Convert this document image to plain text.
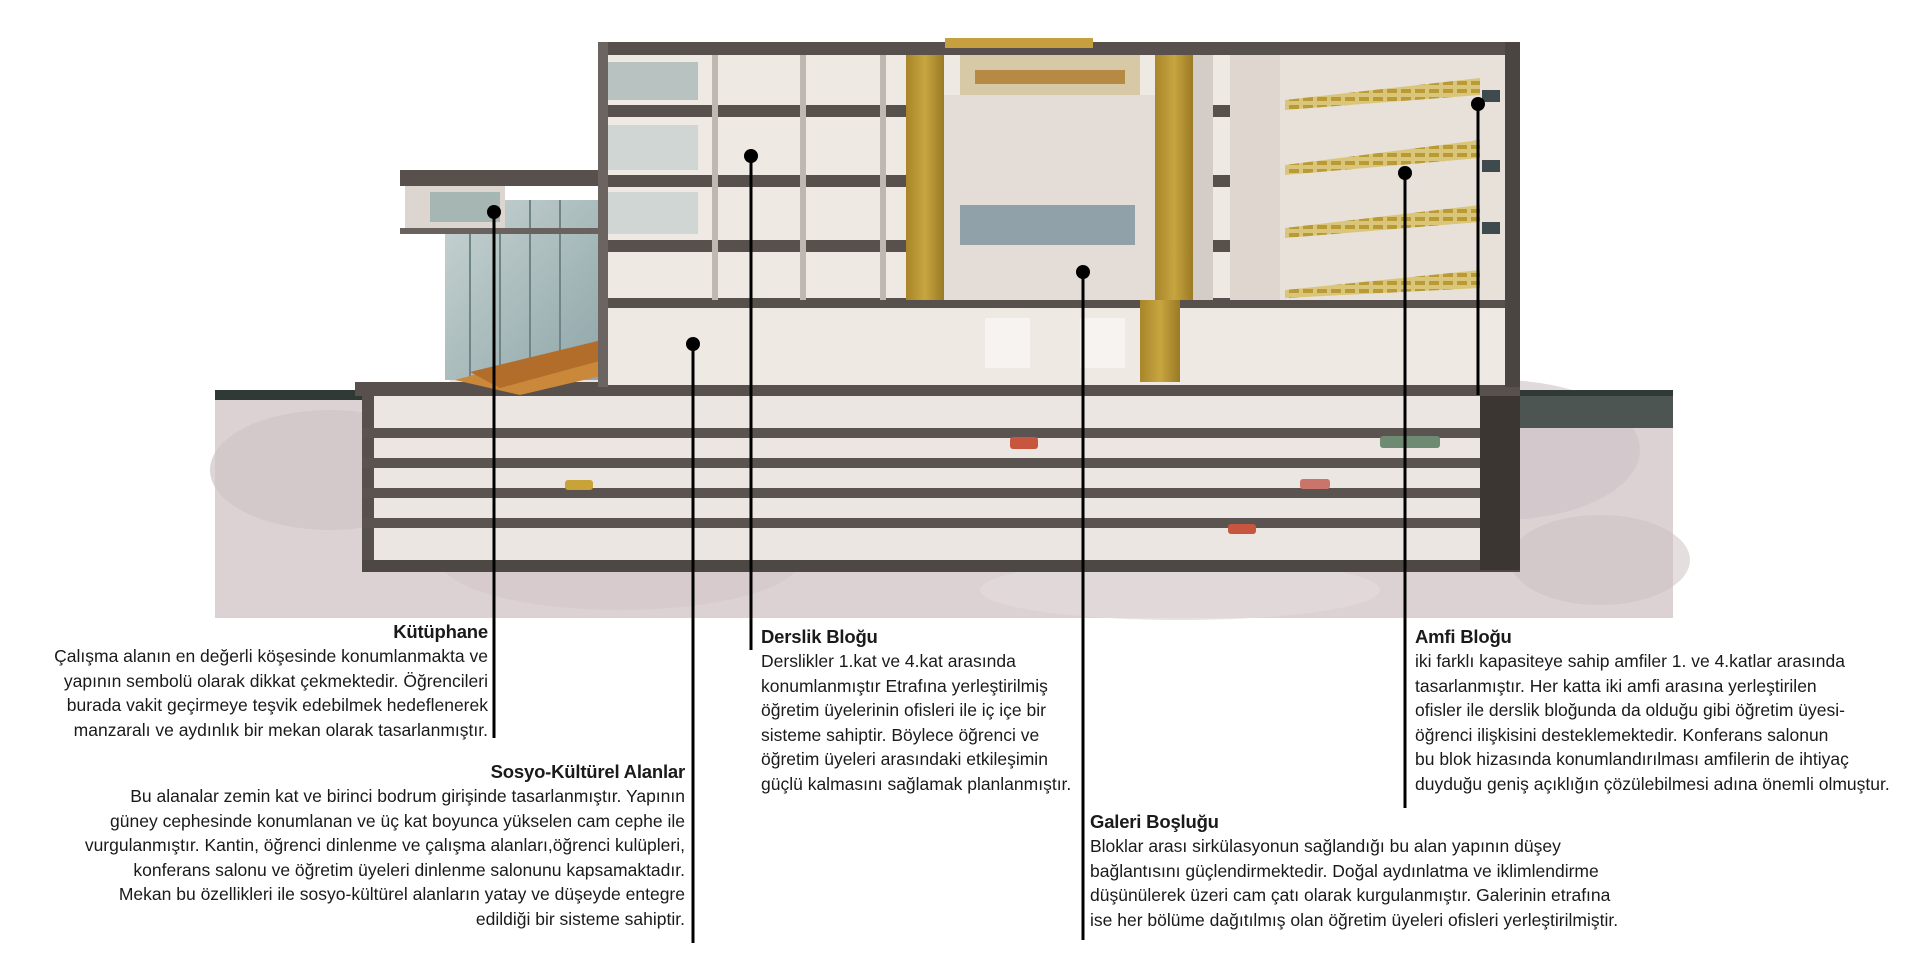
Kütüphane

Çalışma alanın en değerli köşesinde konumlanmakta ve
yapının sembolü olarak dikkat çekmektedir. Öğrencileri
burada vakit geçirmeye teşvik edebilmek hedeflenerek
manzaralı ve aydınlık bir mekan olarak tasarlanmıştır.

Sosyo-Kültürel Alanlar

Bu alanalar zemin kat ve birinci bodrum girişinde tasarlanmıştır. Yapının
güney cephesinde konumlanan ve üç kat boyunca yükselen cam cephe ile
vurgulanmıştır. Kantin, öğrenci dinlenme ve çalışma alanları,öğrenci kulüpleri,
konferans salonu ve öğretim üyeleri dinlenme salonunu kapsamaktadır.
Mekan bu özellikleri ile sosyo-kültürel alanların yatay ve düşeyde entegre
edildiği bir sisteme sahiptir.

Derslik Bloğu

Derslikler 1.kat ve 4.kat arasında
konumlanmıştır Etrafına yerleştirilmiş
öğretim üyelerinin ofisleri ile iç içe bir
sisteme sahiptir. Böylece öğrenci ve
öğretim üyeleri arasındaki etkileşimin
güçlü kalmasını sağlamak planlanmıştır.

Galeri Boşluğu

Bloklar arası sirkülasyonun sağlandığı bu alan yapının düşey
bağlantısını güçlendirmektedir. Doğal aydınlatma ve iklimlendirme
düşünülerek üzeri cam çatı olarak kurgulanmıştır. Galerinin etrafına
ise her bölüme dağıtılmış olan öğretim üyeleri ofisleri yerleştirilmiştir.

Amfi Bloğu

iki farklı kapasiteye sahip amfiler 1. ve 4.katlar arasında
tasarlanmıştır. Her katta iki amfi arasına yerleştirilen
ofisler ile derslik bloğunda da olduğu gibi öğretim üyesi-
öğrenci ilişkisini desteklemektedir. Konferans salonun
bu blok hizasında konumlandırılması amfilerin de ihtiyaç
duyduğu geniş açıklığın çözülebilmesi adına önemli olmuştur.
